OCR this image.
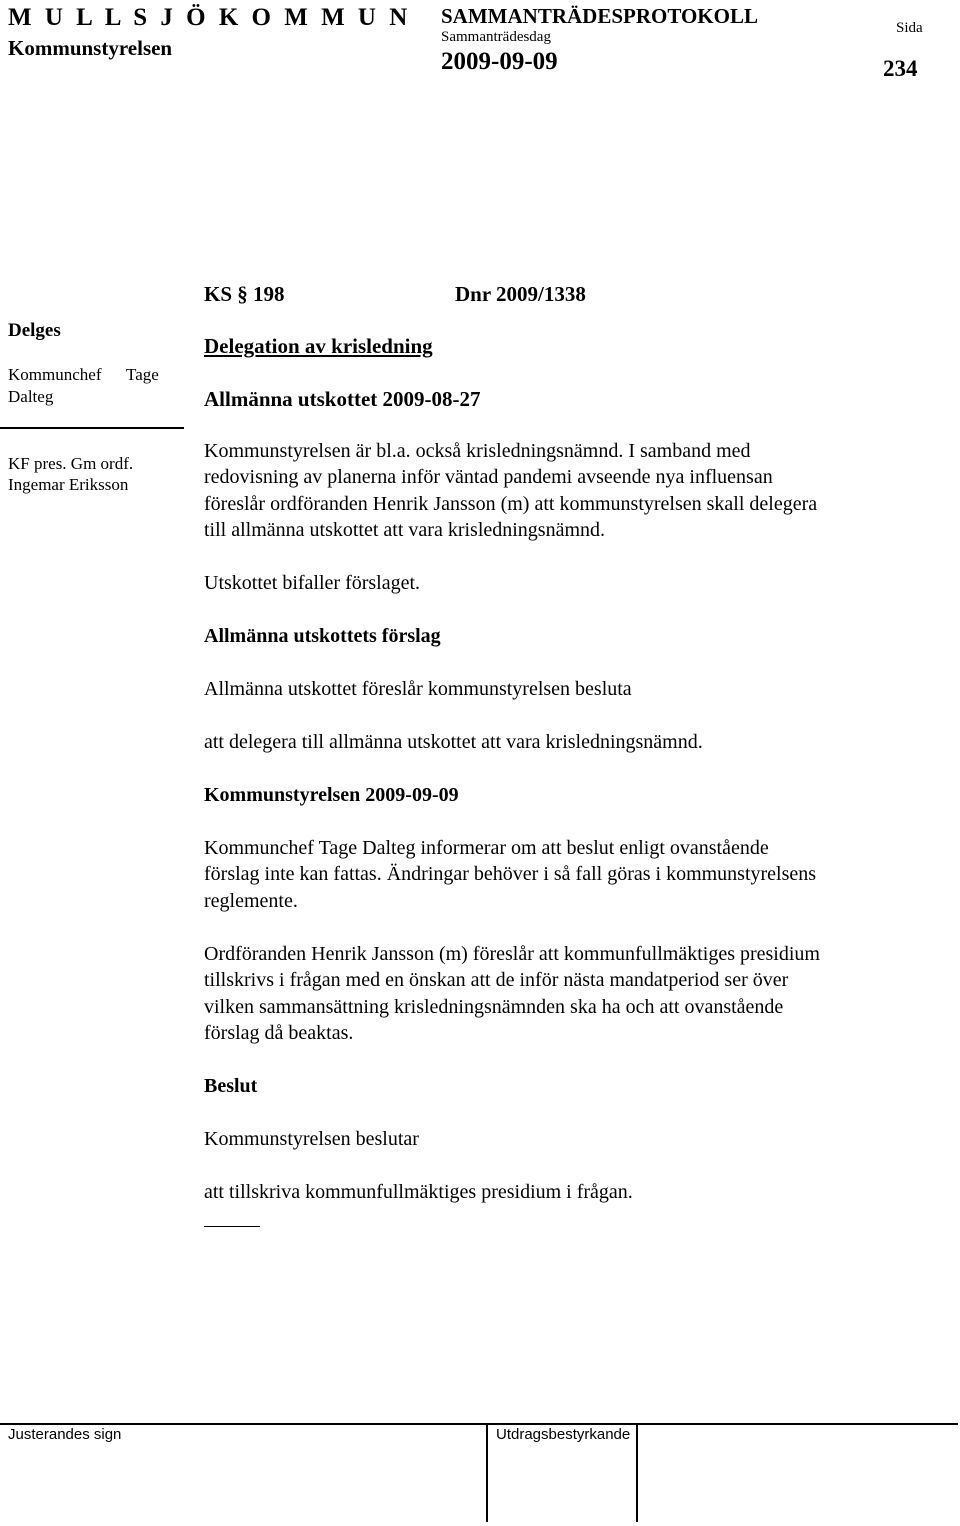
M U L L S J Ö K O M M U N
Kommunstyrelsen
SAMMANTRÄDESPROTOKOLL
Sammanträdesdag
2009-09-09
Sida
234
KS § 198	Dnr 2009/1338
Delegation av krisledning
Allmänna utskottet 2009-08-27
Delges
Kommunchef Tage
Dalteg
KF pres. Gm ordf.
Ingemar Eriksson
Kommunstyrelsen är bl.a. också krisledningsnämnd. I samband med
redovisning av planerna inför väntad pandemi avseende nya influensan
föreslår ordföranden Henrik Jansson (m) att kommunstyrelsen skall delegera
till allmänna utskottet att vara krisledningsnämnd.
Utskottet bifaller förslaget.
Allmänna utskottets förslag
Allmänna utskottet föreslår kommunstyrelsen besluta
att delegera till allmänna utskottet att vara krisledningsnämnd.
Kommunstyrelsen 2009-09-09
Kommunchef Tage Dalteg informerar om att beslut enligt ovanstående
förslag inte kan fattas. Ändringar behöver i så fall göras i kommunstyrelsens
reglemente.
Ordföranden Henrik Jansson (m) föreslår att kommunfullmäktiges presidium
tillskrivs i frågan med en önskan att de inför nästa mandatperiod ser över
vilken sammansättning krisledningsnämnden ska ha och att ovanstående
förslag då beaktas.
Beslut
Kommunstyrelsen beslutar
att tillskriva kommunfullmäktiges presidium i frågan.
Justerandes sign	Utdragsbestyrkande
